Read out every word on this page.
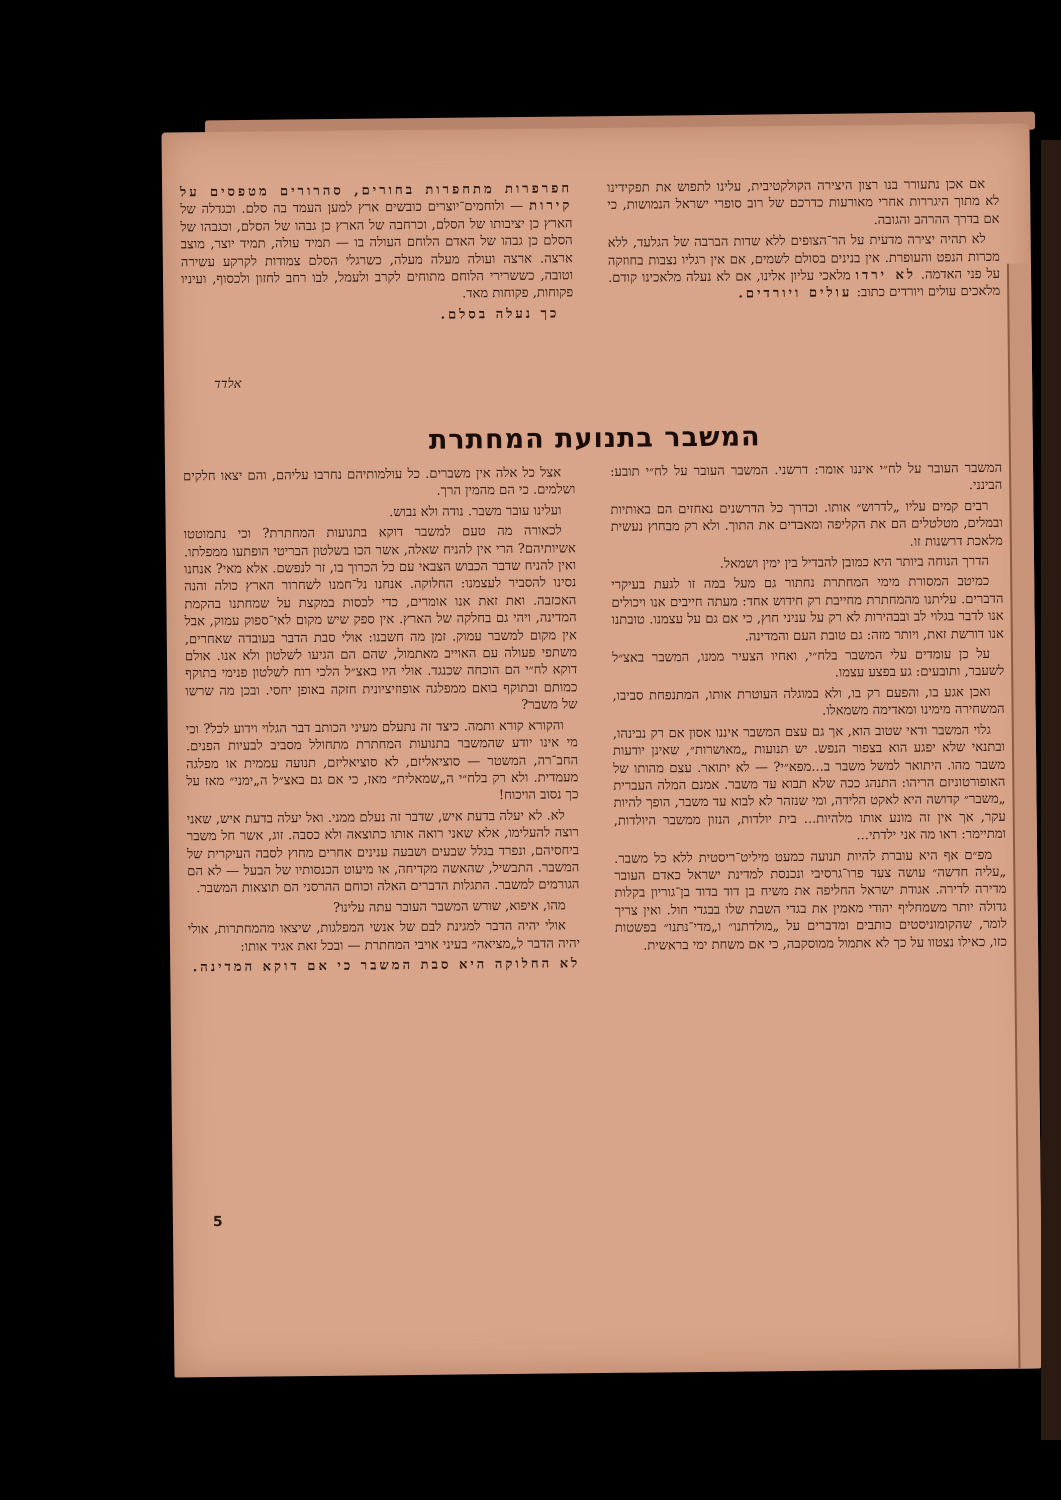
אם אכן נתעורר בנו רצון היצירה הקולקטיבית, עלינו לתפוש את תפקידינו לא מתוך היגררות אחרי מאורעות כדרכם של רוב סופרי ישראל הנמושות, כי אם בדרך ההרהב והגובה.

לא תהיה יצירה מדעית על הר־הצופים ללא שדות הברבה של הגלעד, ללא מכרות הנפט והעופרת. אין בנינים בסולם לשמים, אם אין רגליו נצבות בחוזקה על פני האדמה. לא ירדו מלאכי עליון אלינו, אם לא נעלה מלאכינו קודם. מלאכים עולים ויורדים כתוב: עולים ויורדים.

חפרפרות מתחפרות בחורים, סהרורים מטפסים על קירות — ולוחמים־יוצרים כובשים ארץ למען העמד בה סלם. וכגדלה של הארץ כן יציבותו של הסלם, וכרחבה של הארץ כן גבהו של הסלם, וכגבהו של הסלם כן גבהו של האדם הלוחם העולה בו — תמיד עולה, תמיד יוצר, מוצב ארצה. ארצה ועולה מעלה מעלה, כשרגלי הסלם צמודות לקרקע עשירה וטובה, כששרירי הלוחם מתוחים לקרב ולעמל, לבו רחב לחזון ולכסוף, ועיניו פקוחות, פקוחות מאד.

כך נעלה בסלם.

אלדד
המשבר בתנועת המחתרת

המשבר העובר על לח״י איננו אומר: דרשני. המשבר העובר על לח״י תובע: הבינני.

רבים קמים עליו „לדרוש״ אותו. וכדרך כל הדרשנים נאחזים הם באותיות ובמלים, מטלטלים הם את הקליפה ומאבדים את התוך. ולא רק מבחוץ נעשית מלאכת דרשנות זו.

הדרך הנוחה ביותר היא כמובן להבדיל בין ימין ושמאל.

כמיטב המסורת מימי המחתרת נחתור גם מעל במה זו לגעת בעיקרי הדברים. עליתנו מהמחתרת מחייבת רק חידוש אחד: מעתה חייבים אנו ויכולים אנו לדבר בגלוי לב ובבהירות לא רק על עניני חוץ, כי אם גם על עצמנו. טובתנו אנו דורשת זאת, ויותר מזה: גם טובת העם והמדינה.

על כן עומדים עלי המשבר בלח״י, ואחיו הצעיר ממנו, המשבר באצ״ל לשעבר, ותובעים: גע בפצע עצמו.

ואכן אגע בו, והפעם רק בו, ולא במוגלה העוטרת אותו, המתנפחת סביבו, המשחירה מימינו ומאדימה משמאלו.

גלוי המשבר ודאי שטוב הוא, אך גם עצם המשבר איננו אסון אם רק נבינהו, ובתנאי שלא יפגע הוא בצפור הנפש. יש תנועות „מאושרות״, שאינן יודעות משבר מהו. היתואר למשל משבר ב...מפא״י? — לא יתואר. עצם מהותו של האופורטוניזם הריהו: התנהג ככה שלא תבוא עד משבר. אמנם המלה העברית „משבר״ קדושה היא לאקט הלידה, ומי שנזהר לא לבוא עד משבר, הופך להיות עקר, אך אין זה מונע אותו מלהיות... בית יולדות, הנזון ממשבר היולדות, ומתיימר: ראו מה אני ילדתי...

מפ״ם אף היא עוברת להיות תנועה כמעט מיליט־ריסטית ללא כל משבר. „עליה חדשה״ עושה צעד פרו־גרסיבי ונכנסת למדינת ישראל כאדם העובר מדירה לדירה. אגודת ישראל החליפה את משיח בן דוד בדוד בן־גוריון בקלות גדולה יותר משמחליף יהודי מאמין את בגדי השבת שלו בבגדי חול. ואין צריך לומר, שהקומוניסטים כותבים ומדברים על „מולדתנו״ ו„מדי־נתנו״ בפשטות כזו, כאילו נצטוו על כך לא אתמול ממוסקבה, כי אם משחת ימי בראשית.

אצל כל אלה אין משברים. כל עולמותיהם נחרבו עליהם, והם יצאו חלקים ושלמים. כי הם מהמין הרך.

ועלינו עובר משבר. נודה ולא נבוש.

לכאורה מה טעם למשבר דוקא בתנועות המחתרת? וכי נתמוטטו אשיותיהם? הרי אין להניח שאלה, אשר הכו בשלטון הבריטי הופתעו ממפלתו. ואין להניח שדבר הכבוש הצבאי עם כל הכרוך בו, זר לנפשם. אלא מאי? אנחנו נסינו להסביר לעצמנו: החלוקה. אנחנו נל־חמנו לשחרור הארץ כולה והנה האכזבה. ואת זאת אנו אומרים, כדי לכסות במקצת על שמחתנו בהקמת המדינה, ויהי גם בחלקה של הארץ. אין ספק שיש מקום לאי־ספוק עמוק, אבל אין מקום למשבר עמוק. זמן מה חשבנו: אולי סבת הדבר בעובדה שאחרים, משתפי פעולה עם האוייב מאתמול, שהם הם הגיעו לשלטון ולא אנו. אולם דוקא לח״י הם הוכחה שכנגד. אולי היו באצ״ל הלכי רוח לשלטון פנימי בתוקף כמותם ובתוקף בואם ממפלגה אופוזיציונית חזקה באופן יחסי. ובכן מה שרשו של משבר?

והקורא קורא ותמה. כיצד זה נתעלם מעיני הכותב דבר הגלוי וידוע לכל? וכי מי אינו יודע שהמשבר בתנועות המחתרת מתחולל מסביב לבעיות הפנים. החב־רה, המשטר — סוציאליזם, לא סוציאליזם, תנועה עממית או מפלגה מעמדית. ולא רק בלח״י ה„שמאלית״ מאז, כי אם גם באצ״ל ה„ימני״ מאז על כך נסוב הויכוח!

לא. לא יעלה בדעת איש, שדבר זה נעלם ממני. ואל יעלה בדעת איש, שאני רוצה להעלימו, אלא שאני רואה אותו כתוצאה ולא כסבה. זוג, אשר חל משבר ביחסיהם, ונפרד בגלל שבעים ושבעה ענינים אחרים מחוץ לסבה העיקרית של המשבר. התבשיל, שהאשה מקדיחה, או מיעוט הכנסותיו של הבעל — לא הם הגורמים למשבר. התגלות הדברים האלה וכוחם ההרסני הם תוצאות המשבר.

מהו, איפוא, שורש המשבר העובר עתה עלינו?

אולי יהיה הדבר למגינת לבם של אנשי המפלגות, שיצאו מהמחתרות, אולי יהיה הדבר ל„מציאה״ בעיני אויבי המחתרת — ובכל זאת אגיד אותו:

לא החלוקה היא סבת המשבר כי אם דוקא המדינה.

5
